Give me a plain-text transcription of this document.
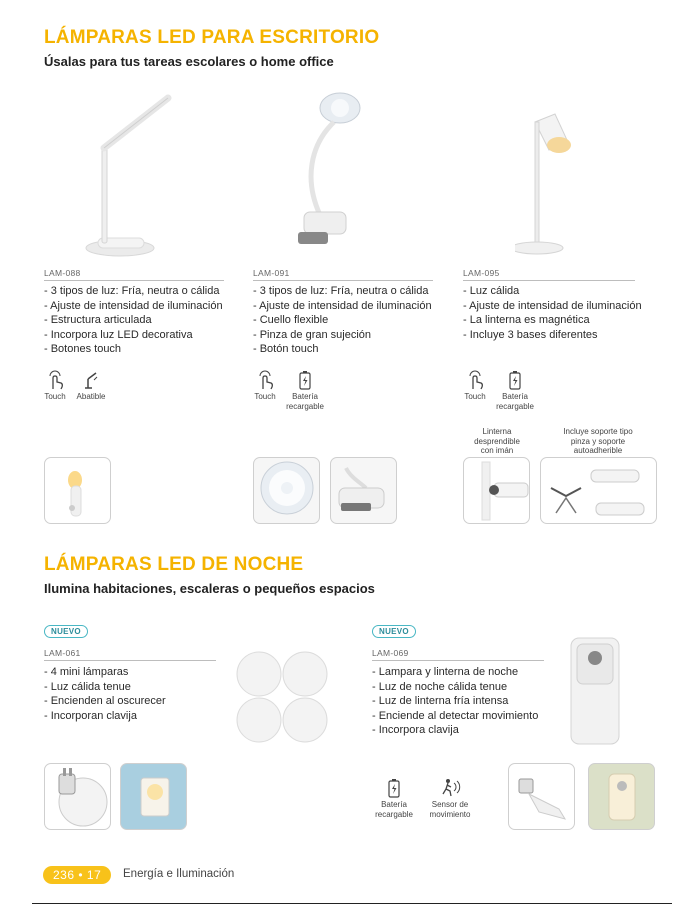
LÁMPARAS LED PARA ESCRITORIO
Úsalas para tus tareas escolares o home office
LAM-088
- 3 tipos de luz: Fría, neutra o cálida
- Ajuste de intensidad de iluminación
- Estructura articulada
- Incorpora luz LED decorativa
- Botones touch
Touch	Abatible
LAM-091
- 3 tipos de luz: Fría, neutra o cálida
- Ajuste de intensidad de iluminación
- Cuello flexible
- Pinza de gran sujeción
- Botón touch
Touch	Batería
recargable
LAM-095
- Luz cálida
- Ajuste de intensidad de iluminación
- La linterna es magnética
- Incluye 3 bases diferentes
Touch	Batería
recargable
Linterna
desprendible
con imán
Incluye soporte tipo
pinza y soporte
autoadherible
LÁMPARAS LED DE NOCHE
Ilumina habitaciones, escaleras o pequeños espacios
NUEVO
LAM-061
- 4 mini lámparas
- Luz cálida tenue
- Encienden al oscurecer
- Incorporan clavija
NUEVO
LAM-069
- Lampara y linterna de noche
- Luz de noche cálida tenue
- Luz de linterna fría intensa
- Enciende al detectar movimiento
- Incorpora clavija
Batería
recargable
Sensor de
movimiento
236 • 17	Energía e Iluminación
